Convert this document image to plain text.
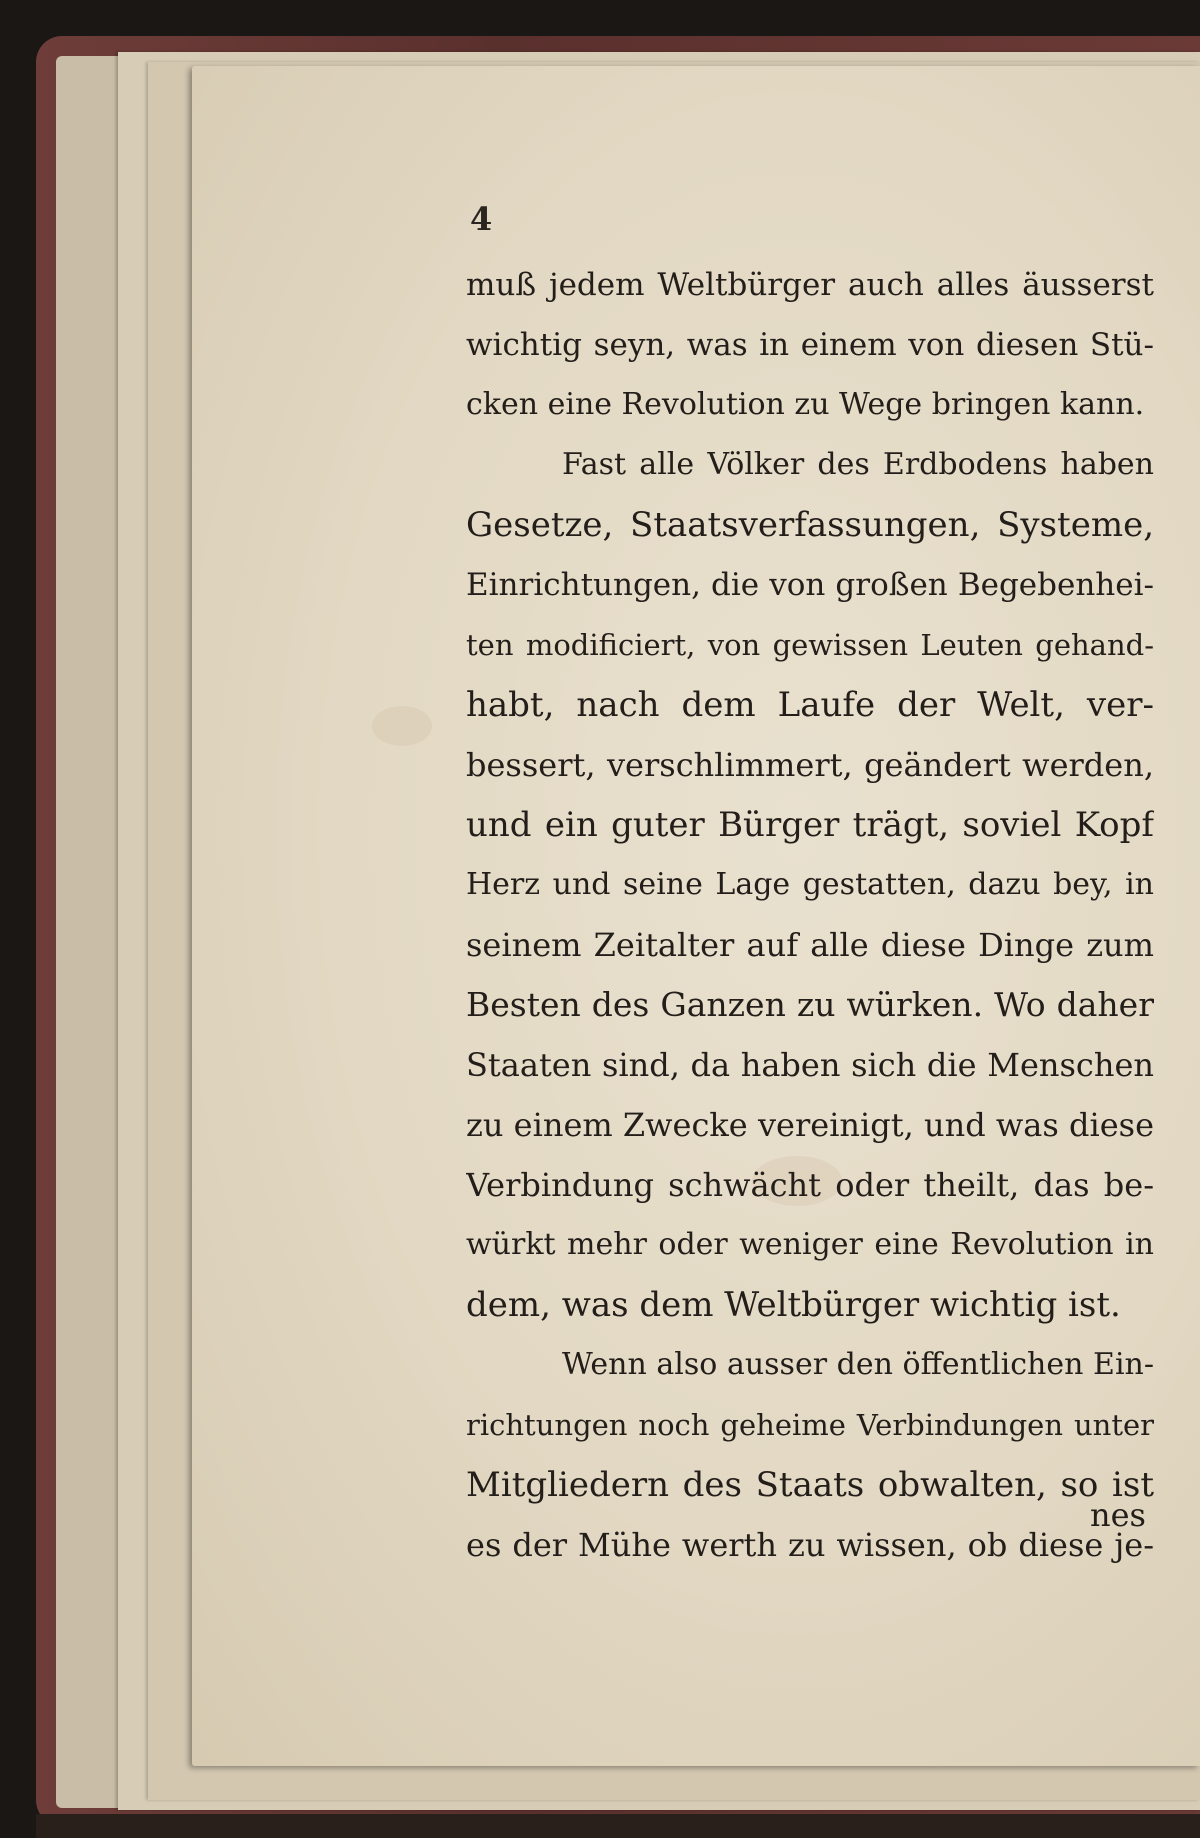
4
muß jedem Weltbürger auch alles äusserst
wichtig seyn, was in einem von diesen Stü-
cken eine Revolution zu Wege bringen kann.
Fast alle Völker des Erdbodens haben
Gesetze, Staatsverfassungen, Systeme,
Einrichtungen, die von großen Begebenhei-
ten modificiert, von gewissen Leuten gehand-
habt, nach dem Laufe der Welt, ver-
bessert, verschlimmert, geändert werden,
und ein guter Bürger trägt, soviel Kopf
Herz und seine Lage gestatten, dazu bey, in
seinem Zeitalter auf alle diese Dinge zum
Besten des Ganzen zu würken. Wo daher
Staaten sind, da haben sich die Menschen
zu einem Zwecke vereinigt, und was diese
Verbindung schwächt oder theilt, das be-
würkt mehr oder weniger eine Revolution in
dem, was dem Weltbürger wichtig ist.
Wenn also ausser den öffentlichen Ein-
richtungen noch geheime Verbindungen unter
Mitgliedern des Staats obwalten, so ist
es der Mühe werth zu wissen, ob diese je-
nes
